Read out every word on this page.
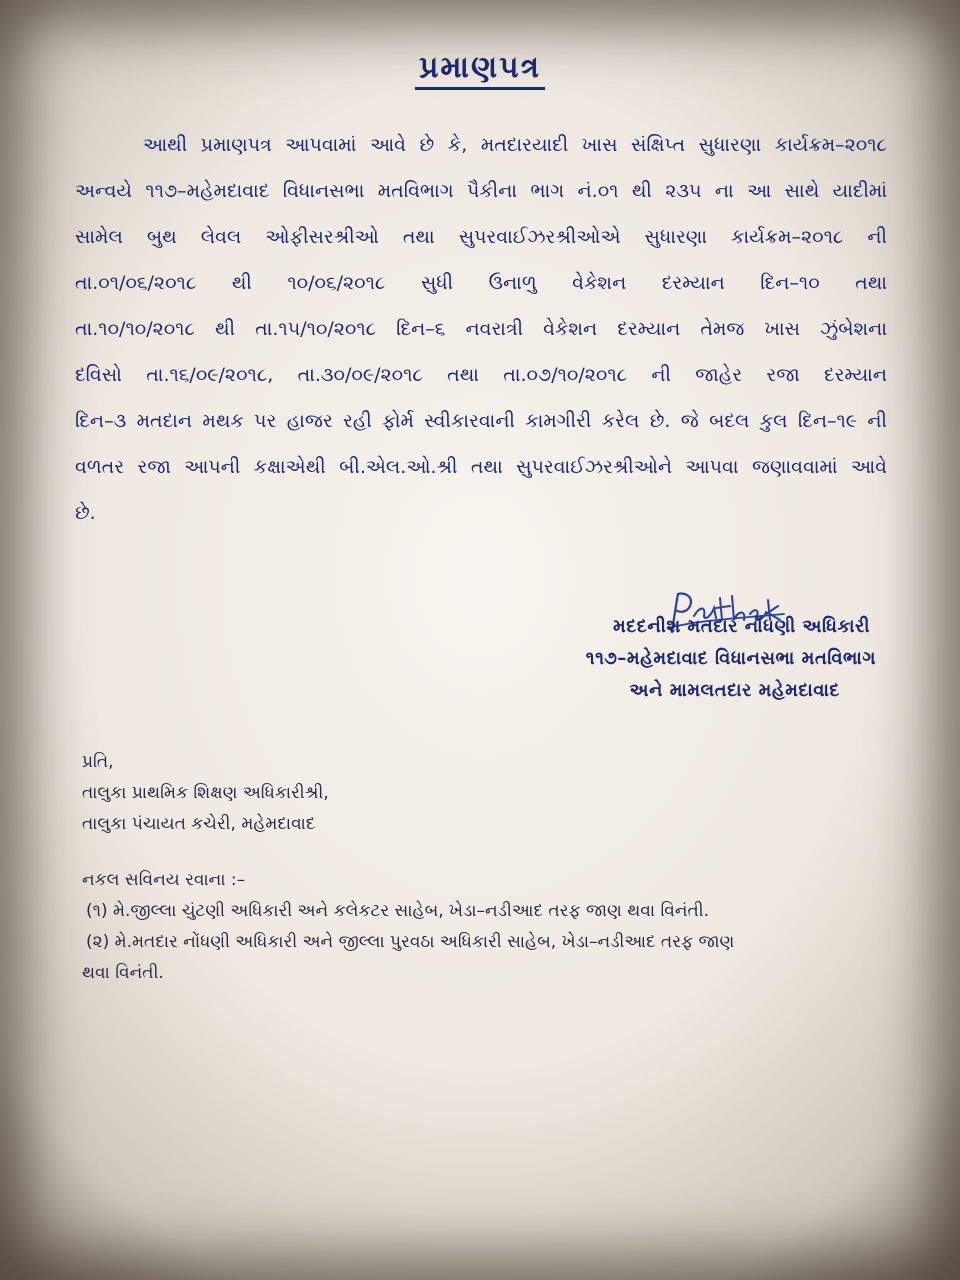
પ્રમાણપત્ર
આથી પ્રમાણપત્ર આપવામાં આવે છે કે, મતદારયાદી ખાસ સંક્ષિપ્ત સુધારણા કાર્યક્રમ–૨૦૧૮
અન્વયે ૧૧૭–મહેમદાવાદ વિધાનસભા મતવિભાગ પૈકીના ભાગ નં.૦૧ થી ૨૩૫ ના આ સાથે યાદીમાં
સામેલ બુથ લેવલ ઓફીસરશ્રીઓ તથા સુપરવાઈઝરશ્રીઓએ સુધારણા કાર્યક્રમ–૨૦૧૮ ની
તા.૦૧/૦૬/૨૦૧૮ થી ૧૦/૦૬/૨૦૧૮ સુધી ઉનાળુ વેકેશન દરમ્યાન દિન–૧૦ તથા
તા.૧૦/૧૦/૨૦૧૮ થી તા.૧૫/૧૦/૨૦૧૮ દિન–૬ નવરાત્રી વેકેશન દરમ્યાન તેમજ ખાસ ઝુંબેશના
દવિસો તા.૧૬/૦૯/૨૦૧૮, તા.૩૦/૦૯/૨૦૧૮ તથા તા.૦૭/૧૦/૨૦૧૮ ની જાહેર રજા દરમ્યાન
દિન–૩ મતદાન મથક પર હાજર રહી ફોર્મ સ્વીકારવાની કામગીરી કરેલ છે. જે બદલ કુલ દિન–૧૯ ની
વળતર રજા આપની કક્ષાએથી બી.એલ.ઓ.શ્રી તથા સુપરવાઈઝરશ્રીઓને આપવા જણાવવામાં આવે
છે.
મદદનીશ મતદાર નોંધણી અધિકારી
૧૧૭–મહેમદાવાદ વિધાનસભા મતવિભાગ
અને મામલતદાર મહેમદાવાદ
પ્રતિ,
તાલુકા પ્રાથમિક શિક્ષણ અધિકારીશ્રી,
તાલુકા પંચાયત કચેરી, મહેમદાવાદ
નકલ સવિનય રવાના :–
(૧) મે.જીલ્લા ચુંટણી અધિકારી અને કલેકટર સાહેબ, ખેડા–નડીઆદ તરફ જાણ થવા વિનંતી.
(૨) મે.મતદાર નોંધણી અધિકારી અને જીલ્લા પુરવઠા અધિકારી સાહેબ, ખેડા–નડીઆદ તરફ જાણ
થવા વિનંતી.
